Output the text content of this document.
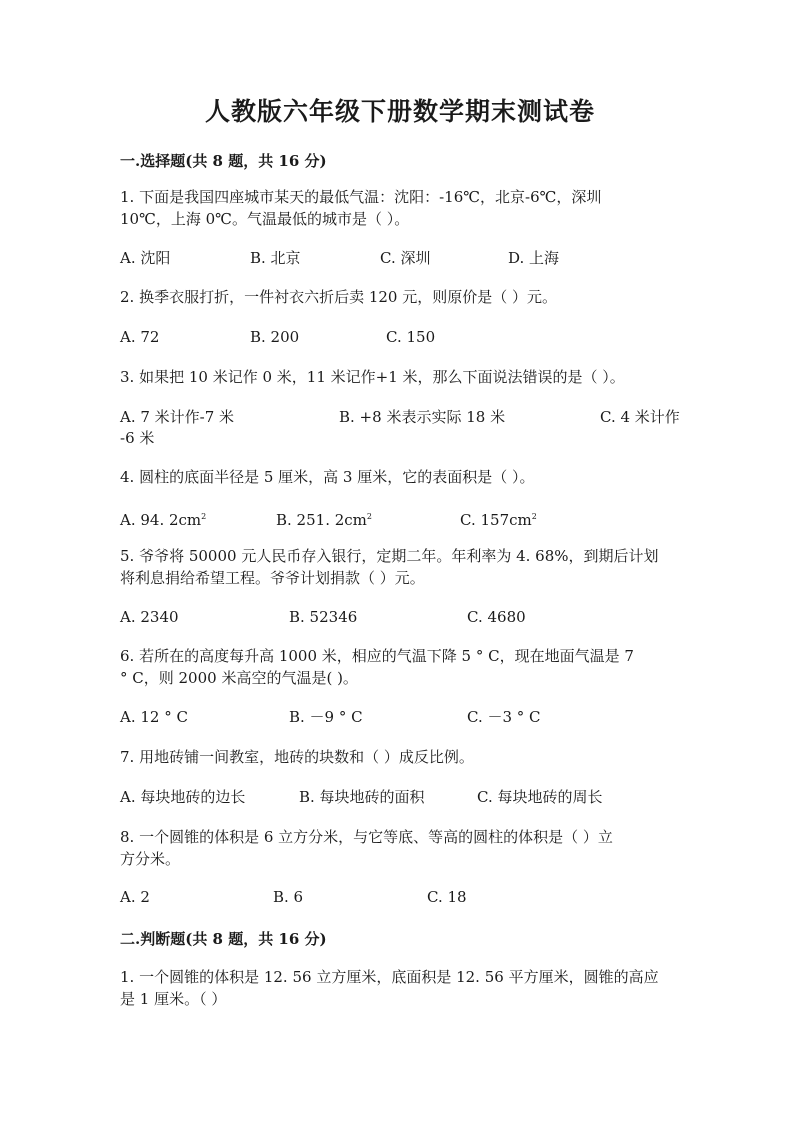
人教版六年级下册数学期末测试卷
一.选择题(共 8 题，共 16 分)
1. 下面是我国四座城市某天的最低气温：沈阳：-16℃，北京-6℃，深圳
10℃，上海 0℃。气温最低的城市是（ ）。
A. 沈阳	B. 北京	C. 深圳	D. 上海
2. 换季衣服打折，一件衬衣六折后卖 120 元，则原价是（ ）元。
A. 72	B. 200	C. 150
3. 如果把 10 米记作 0 米，11 米记作+1 米，那么下面说法错误的是（ ）。
A. 7 米计作-7 米	B. +8 米表示实际 18 米	C. 4 米计作
-6 米
4. 圆柱的底面半径是 5 厘米，高 3 厘米，它的表面积是（ ）。
A. 94. $2cm^2$	B. 251. $2cm^2$	C. $157cm^2$
5. 爷爷将 50000 元人民币存入银行，定期二年。年利率为 4. 68%，到期后计划
将利息捐给希望工程。爷爷计划捐款（ ）元。
A. 2340	B. 52346	C. 4680
6. 若所在的高度每升高 1000 米，相应的气温下降 5 ° C，现在地面气温是 7
° C，则 2000 米高空的气温是( )。
A. 12 ° C	B. －9 ° C	C. －3 ° C
7. 用地砖铺一间教室，地砖的块数和（ ）成反比例。
A. 每块地砖的边长	B. 每块地砖的面积	C. 每块地砖的周长
8. 一个圆锥的体积是 6 立方分米，与它等底、等高的圆柱的体积是（ ）立
方分米。
A. 2	B. 6	C. 18
二.判断题(共 8 题，共 16 分)
1. 一个圆锥的体积是 12. 56 立方厘米，底面积是 12. 56 平方厘米，圆锥的高应
是 1 厘米。（ ）
